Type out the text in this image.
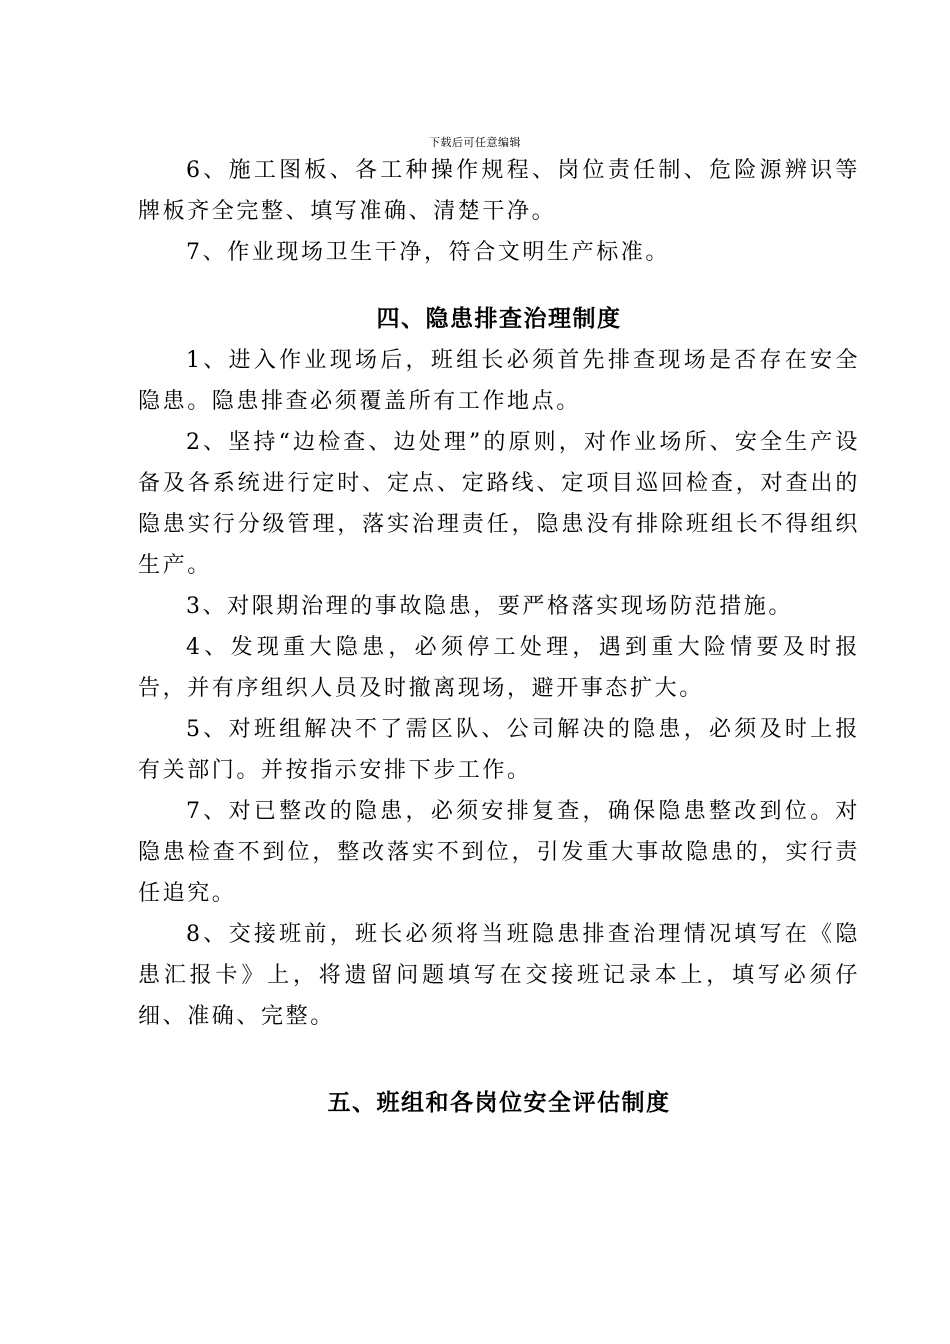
下载后可任意编辑

6、施工图板、各工种操作规程、岗位责任制、危险源辨识等牌板齐全完整、填写准确、清楚干净。

7、作业现场卫生干净，符合文明生产标准。

四、隐患排查治理制度

1、进入作业现场后，班组长必须首先排查现场是否存在安全隐患。隐患排查必须覆盖所有工作地点。

2、坚持“边检查、边处理”的原则，对作业场所、安全生产设备及各系统进行定时、定点、定路线、定项目巡回检查，对查出的隐患实行分级管理，落实治理责任，隐患没有排除班组长不得组织生产。

3、对限期治理的事故隐患，要严格落实现场防范措施。

4、发现重大隐患，必须停工处理，遇到重大险情要及时报告，并有序组织人员及时撤离现场，避开事态扩大。

5、对班组解决不了需区队、公司解决的隐患，必须及时上报有关部门。并按指示安排下步工作。

7、对已整改的隐患，必须安排复查，确保隐患整改到位。对隐患检查不到位，整改落实不到位，引发重大事故隐患的，实行责任追究。

8、交接班前，班长必须将当班隐患排查治理情况填写在《隐患汇报卡》上，将遗留问题填写在交接班记录本上，填写必须仔细、准确、完整。

五、班组和各岗位安全评估制度
